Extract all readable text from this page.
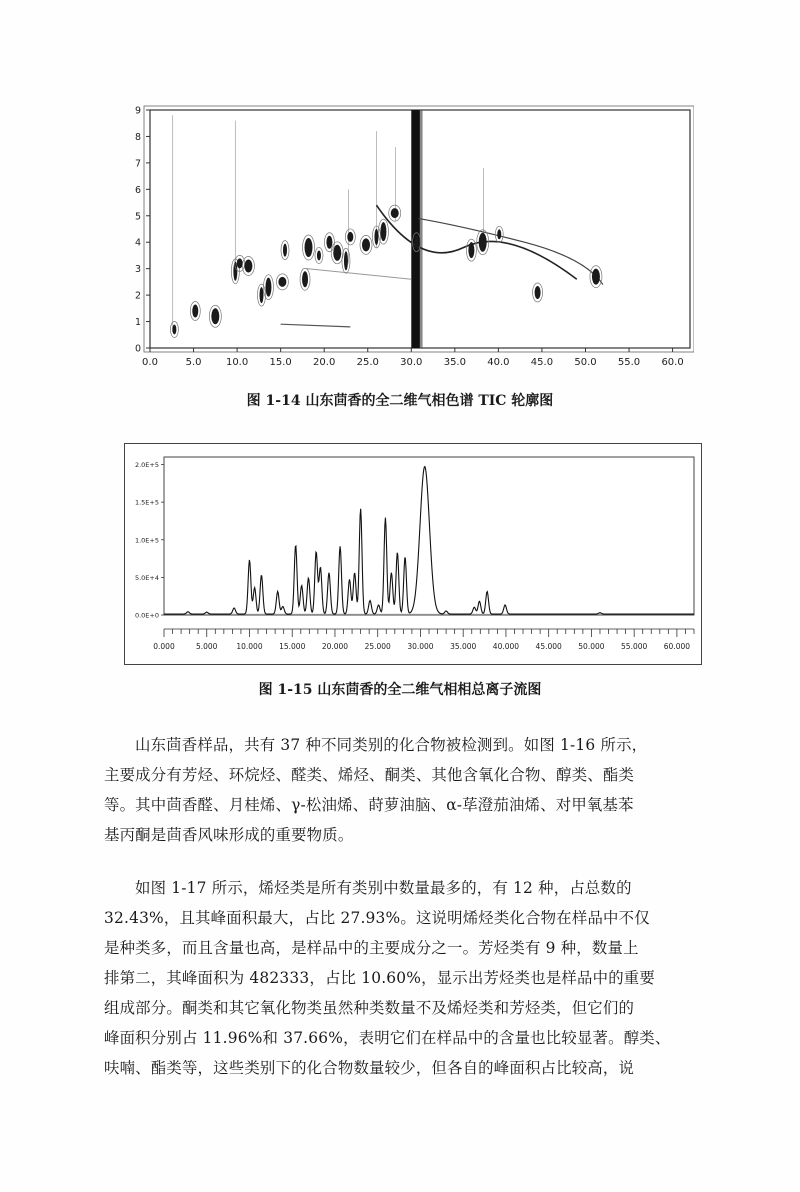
0.0	5.0 10.0 15.0 20.0 25.0 30.0 35.0 40.0 45.0 50.0 55.0 60.0
0
1
2
3
4
5
6
7
8
9
图 1-14 山东茴香的全二维气相色谱 TIC 轮廓图
0.000	5.000	10.000 15.000 20.000 25.000 30.000 35.000 40.000 45.000 50.000 55.000 60.000
0.0E+0
5.0E+4
1.0E+5
1.5E+5
2.0E+5
图 1-15 山东茴香的全二维气相相总离子流图
山东茴香样品，共有 37 种不同类别的化合物被检测到。如图 1-16 所示，
主要成分有芳烃、环烷烃、醛类、烯烃、酮类、其他含氧化合物、醇类、酯类
等。其中茴香醛、月桂烯、γ-松油烯、莳萝油脑、α-荜澄茄油烯、对甲氧基苯
基丙酮是茴香风味形成的重要物质。
如图 1-17 所示，烯烃类是所有类别中数量最多的，有 12 种，占总数的
32.43%，且其峰面积最大，占比 27.93%。这说明烯烃类化合物在样品中不仅
是种类多，而且含量也高，是样品中的主要成分之一。芳烃类有 9 种，数量上
排第二，其峰面积为 482333，占比 10.60%，显示出芳烃类也是样品中的重要
组成部分。酮类和其它氧化物类虽然种类数量不及烯烃类和芳烃类，但它们的
峰面积分别占 11.96%和 37.66%，表明它们在样品中的含量也比较显著。醇类、
呋喃、酯类等，这些类别下的化合物数量较少，但各自的峰面积占比较高，说
